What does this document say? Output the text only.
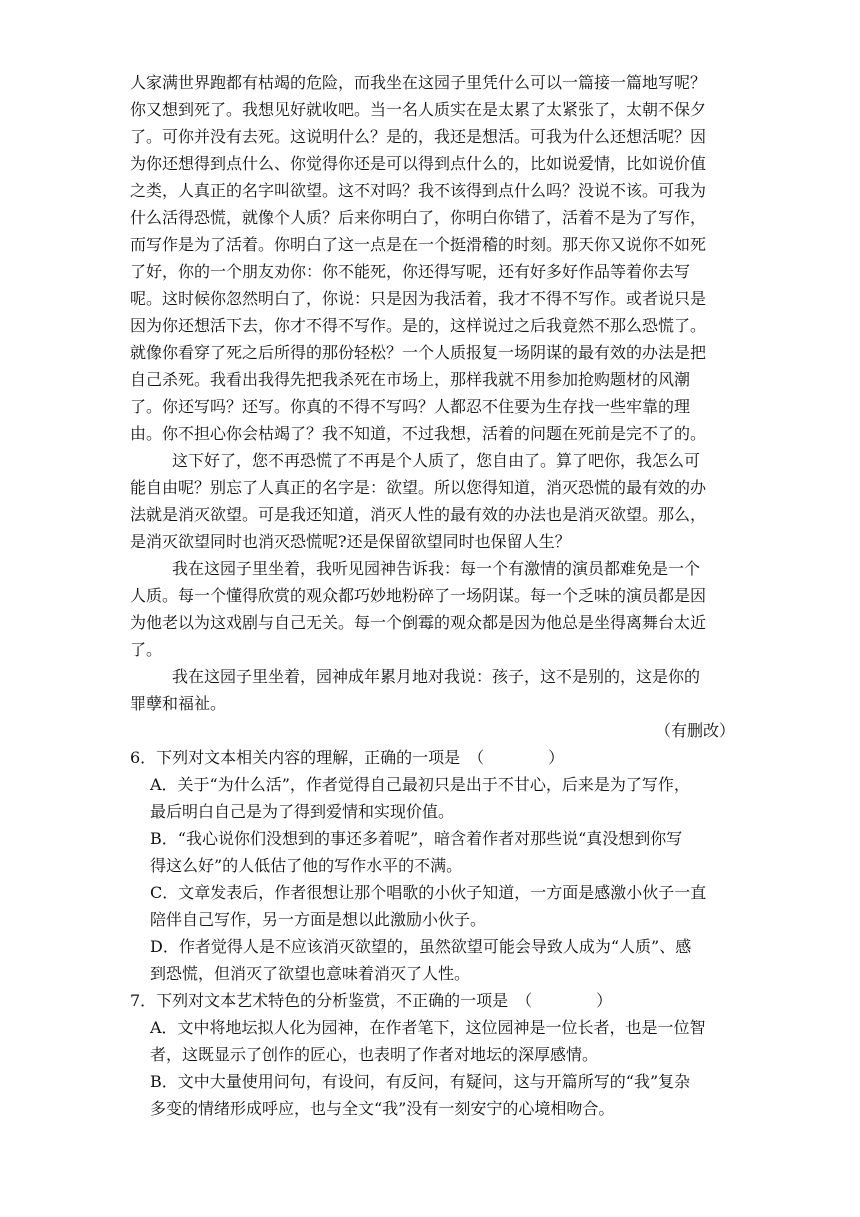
人家满世界跑都有枯竭的危险，而我坐在这园子里凭什么可以一篇接一篇地写呢？
你又想到死了。我想见好就收吧。当一名人质实在是太累了太紧张了，太朝不保夕
了。可你并没有去死。这说明什么？是的，我还是想活。可我为什么还想活呢？因
为你还想得到点什么、你觉得你还是可以得到点什么的，比如说爱情，比如说价值
之类，人真正的名字叫欲望。这不对吗？我不该得到点什么吗？没说不该。可我为
什么活得恐慌，就像个人质？后来你明白了，你明白你错了，活着不是为了写作，
而写作是为了活着。你明白了这一点是在一个挺滑稽的时刻。那天你又说你不如死
了好，你的一个朋友劝你：你不能死，你还得写呢，还有好多好作品等着你去写
呢。这时候你忽然明白了，你说：只是因为我活着，我才不得不写作。或者说只是
因为你还想活下去，你才不得不写作。是的，这样说过之后我竟然不那么恐慌了。
就像你看穿了死之后所得的那份轻松？一个人质报复一场阴谋的最有效的办法是把
自己杀死。我看出我得先把我杀死在市场上，那样我就不用参加抢购题材的风潮
了。你还写吗？还写。你真的不得不写吗？人都忍不住要为生存找一些牢靠的理
由。你不担心你会枯竭了？我不知道，不过我想，活着的问题在死前是完不了的。
这下好了，您不再恐慌了不再是个人质了，您自由了。算了吧你，我怎么可
能自由呢？别忘了人真正的名字是：欲望。所以您得知道，消灭恐慌的最有效的办
法就是消灭欲望。可是我还知道，消灭人性的最有效的办法也是消灭欲望。那么，
是消灭欲望同时也消灭恐慌呢?还是保留欲望同时也保留人生？
我在这园子里坐着，我听见园神告诉我：每一个有激情的演员都难免是一个
人质。每一个懂得欣赏的观众都巧妙地粉碎了一场阴谋。每一个乏味的演员都是因
为他老以为这戏剧与自己无关。每一个倒霉的观众都是因为他总是坐得离舞台太近
了。
我在这园子里坐着，园神成年累月地对我说：孩子，这不是别的，这是你的
罪孽和福祉。
（有删改）
6．下列对文本相关内容的理解，正确的一项是　（　　　　）
A．关于“为什么活”，作者觉得自己最初只是出于不甘心，后来是为了写作，
最后明白自己是为了得到爱情和实现价值。
B．“我心说你们没想到的事还多着呢”，暗含着作者对那些说“真没想到你写
得这么好”的人低估了他的写作水平的不满。
C．文章发表后，作者很想让那个唱歌的小伙子知道，一方面是感激小伙子一直
陪伴自己写作，另一方面是想以此激励小伙子。
D．作者觉得人是不应该消灭欲望的，虽然欲望可能会导致人成为“人质”、感
到恐慌，但消灭了欲望也意味着消灭了人性。
7．下列对文本艺术特色的分析鉴赏，不正确的一项是　（　　　　）
A．文中将地坛拟人化为园神，在作者笔下，这位园神是一位长者，也是一位智
者，这既显示了创作的匠心，也表明了作者对地坛的深厚感情。
B．文中大量使用问句，有设问，有反问，有疑问，这与开篇所写的“我”复杂
多变的情绪形成呼应，也与全文“我”没有一刻安宁的心境相吻合。
